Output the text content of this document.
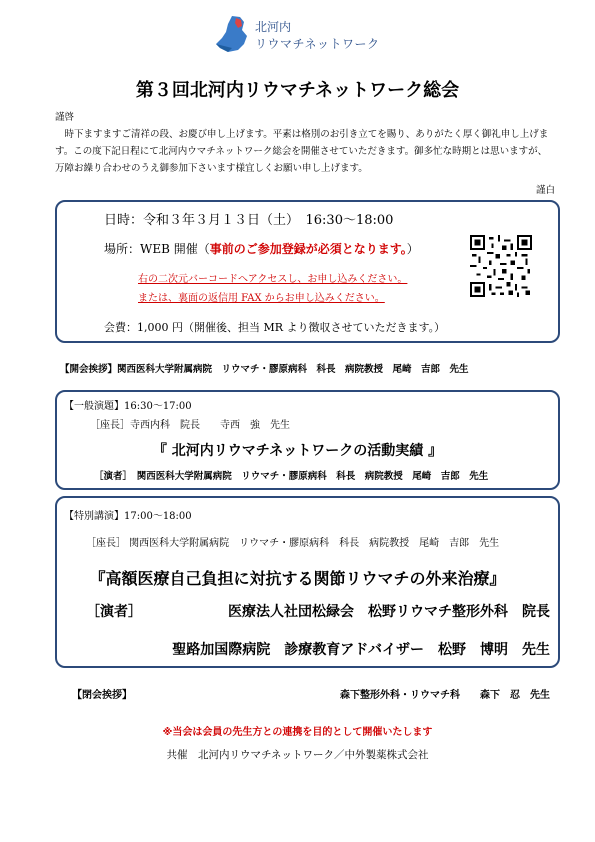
北河内
リウマチネットワーク
第３回北河内リウマチネットワーク総会
謹啓
時下ますますご清祥の段、お慶び申し上げます。平素は格別のお引き立てを賜り、ありがたく厚く御礼申し上げます。この度下記日程にて北河内ウマチネットワーク総会を開催させていただきます。御多忙な時期とは思いますが、万障お繰り合わせのうえ御参加下さいます様宜しくお願い申し上げます。
謹白
日時：令和３年３月１３日（土）　16:30～18:00
場所：WEB 開催（事前のご参加登録が必須となります。）
右の二次元バーコードへアクセスし、お申し込みください。
または、裏面の返信用 FAX からお申し込みください。
会費：1,000 円（開催後、担当 MR より徴収させていただきます。）
【開会挨拶】関西医科大学附属病院　リウマチ・膠原病科　科長　病院教授　尾崎　吉郎　先生
【一般演題】16:30～17:00
［座長］寺西内科　院長　　寺西　強　先生
『 北河内リウマチネットワークの活動実績 』
［演者］　関西医科大学附属病院　リウマチ・膠原病科　科長　病院教授　尾崎　吉郎　先生
【特別講演】17:00～18:00
［座長］ 関西医科大学附属病院　リウマチ・膠原病科　科長　病院教授　尾崎　吉郎　先生
『高額医療自己負担に対抗する関節リウマチの外来治療』
［演者］	医療法人社団松緑会　松野リウマチ整形外科　院長
聖路加国際病院　診療教育アドバイザー　松野　博明　先生
【閉会挨拶】	森下整形外科・リウマチ科　　森下　忍　先生
※当会は会員の先生方との連携を目的として開催いたします
共催　北河内リウマチネットワーク／中外製薬株式会社
